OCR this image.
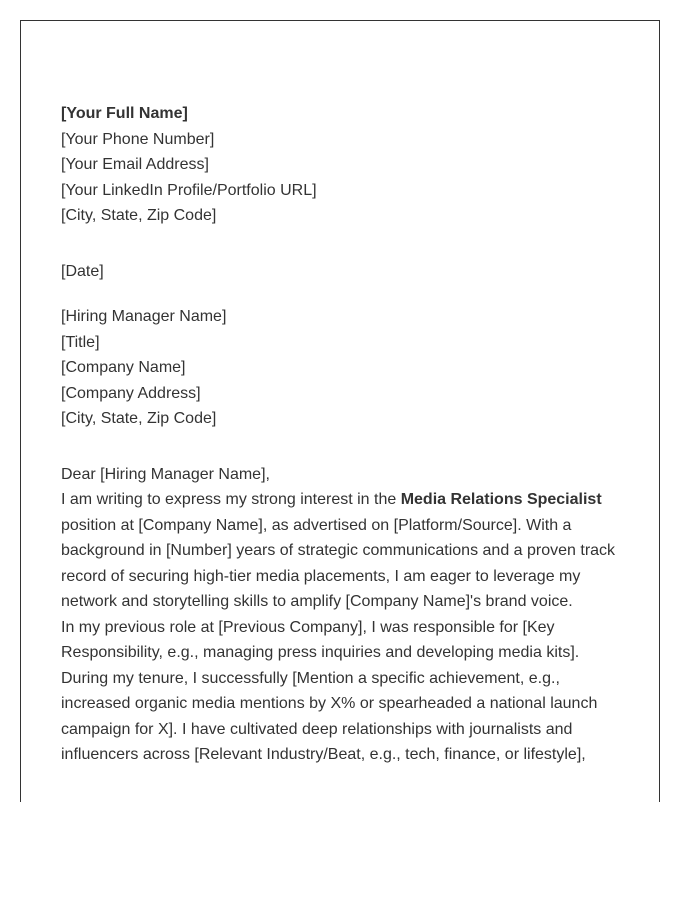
[Your Full Name]
[Your Phone Number]
[Your Email Address]
[Your LinkedIn Profile/Portfolio URL]
[City, State, Zip Code]
[Date]
[Hiring Manager Name]
[Title]
[Company Name]
[Company Address]
[City, State, Zip Code]
Dear [Hiring Manager Name],

I am writing to express my strong interest in the Media Relations Specialist position at [Company Name], as advertised on [Platform/Source]. With a background in [Number] years of strategic communications and a proven track record of securing high-tier media placements, I am eager to leverage my network and storytelling skills to amplify [Company Name]'s brand voice.

In my previous role at [Previous Company], I was responsible for [Key Responsibility, e.g., managing press inquiries and developing media kits]. During my tenure, I successfully [Mention a specific achievement, e.g., increased organic media mentions by X% or spearheaded a national launch campaign for X]. I have cultivated deep relationships with journalists and influencers across [Relevant Industry/Beat, e.g., tech, finance, or lifestyle],
